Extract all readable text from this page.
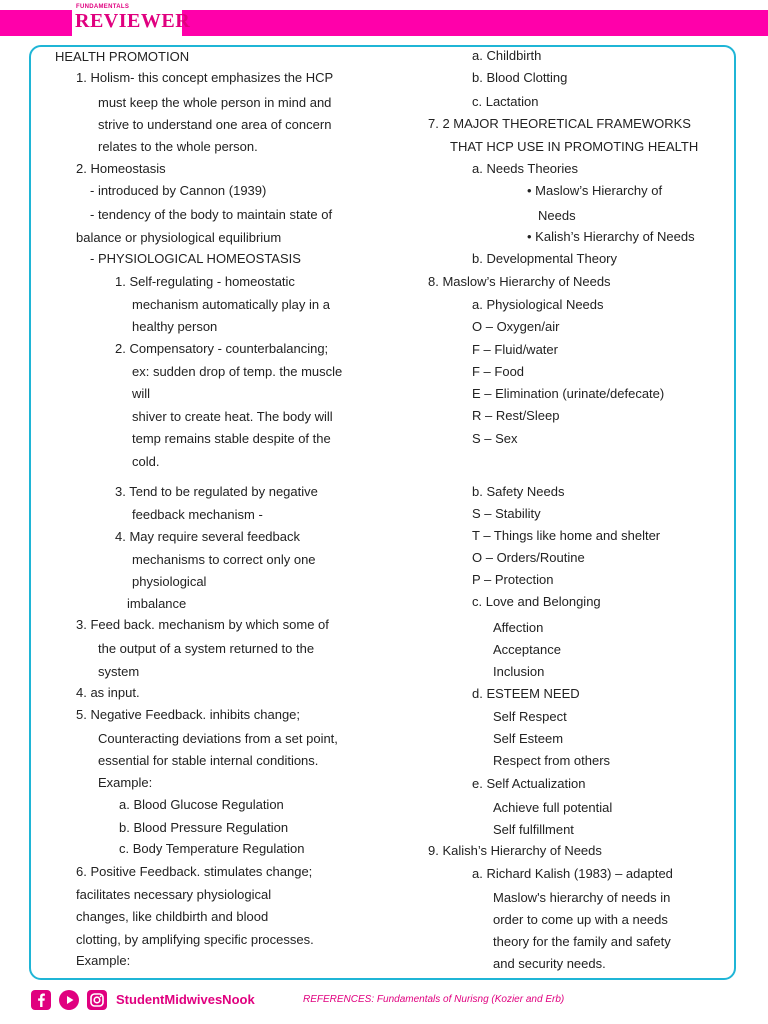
FUNDAMENTALS
REVIEWER
HEALTH PROMOTION
1. Holism- this concept emphasizes the HCP
must keep the whole person in mind and
strive to understand one area of concern
relates to the whole person.
2. Homeostasis
- introduced by Cannon (1939)
- tendency of the body to maintain state of
balance or physiological equilibrium
- PHYSIOLOGICAL HOMEOSTASIS
1. Self-regulating - homeostatic
mechanism automatically play in a
healthy person
2. Compensatory - counterbalancing;
ex: sudden drop of temp. the muscle
will
shiver to create heat. The body will
temp remains stable despite of the
cold.
3. Tend to be regulated by negative
feedback mechanism -
4. May require several feedback
mechanisms to correct only one
physiological
imbalance
3. Feed back. mechanism by which some of
the output of a system returned to the
system
4. as input.
5. Negative Feedback. inhibits change;
Counteracting deviations from a set point,
essential for stable internal conditions.
Example:
a. Blood Glucose Regulation
b. Blood Pressure Regulation
c. Body Temperature Regulation
6. Positive Feedback. stimulates change;
facilitates necessary physiological
changes, like childbirth and blood
clotting, by amplifying specific processes.
Example:
a. Childbirth
b. Blood Clotting
c. Lactation
7. 2 MAJOR THEORETICAL FRAMEWORKS
THAT HCP USE IN PROMOTING HEALTH
a. Needs Theories
• Maslow’s Hierarchy of
Needs
• Kalish’s Hierarchy of Needs
b. Developmental Theory
8. Maslow’s Hierarchy of Needs
a. Physiological Needs
O – Oxygen/air
F – Fluid/water
F – Food
E – Elimination (urinate/defecate)
R – Rest/Sleep
S – Sex
b. Safety Needs
S – Stability
T – Things like home and shelter
O – Orders/Routine
P – Protection
c. Love and Belonging
Affection
Acceptance
Inclusion
d. ESTEEM NEED
Self Respect
Self Esteem
Respect from others
e. Self Actualization
Achieve full potential
Self fulfillment
9. Kalish’s Hierarchy of Needs
a. Richard Kalish (1983) – adapted
Maslow's hierarchy of needs in
order to come up with a needs
theory for the family and safety
and security needs.
StudentMidwivesNook	REFERENCES: Fundamentals of Nurisng (Kozier and Erb)
